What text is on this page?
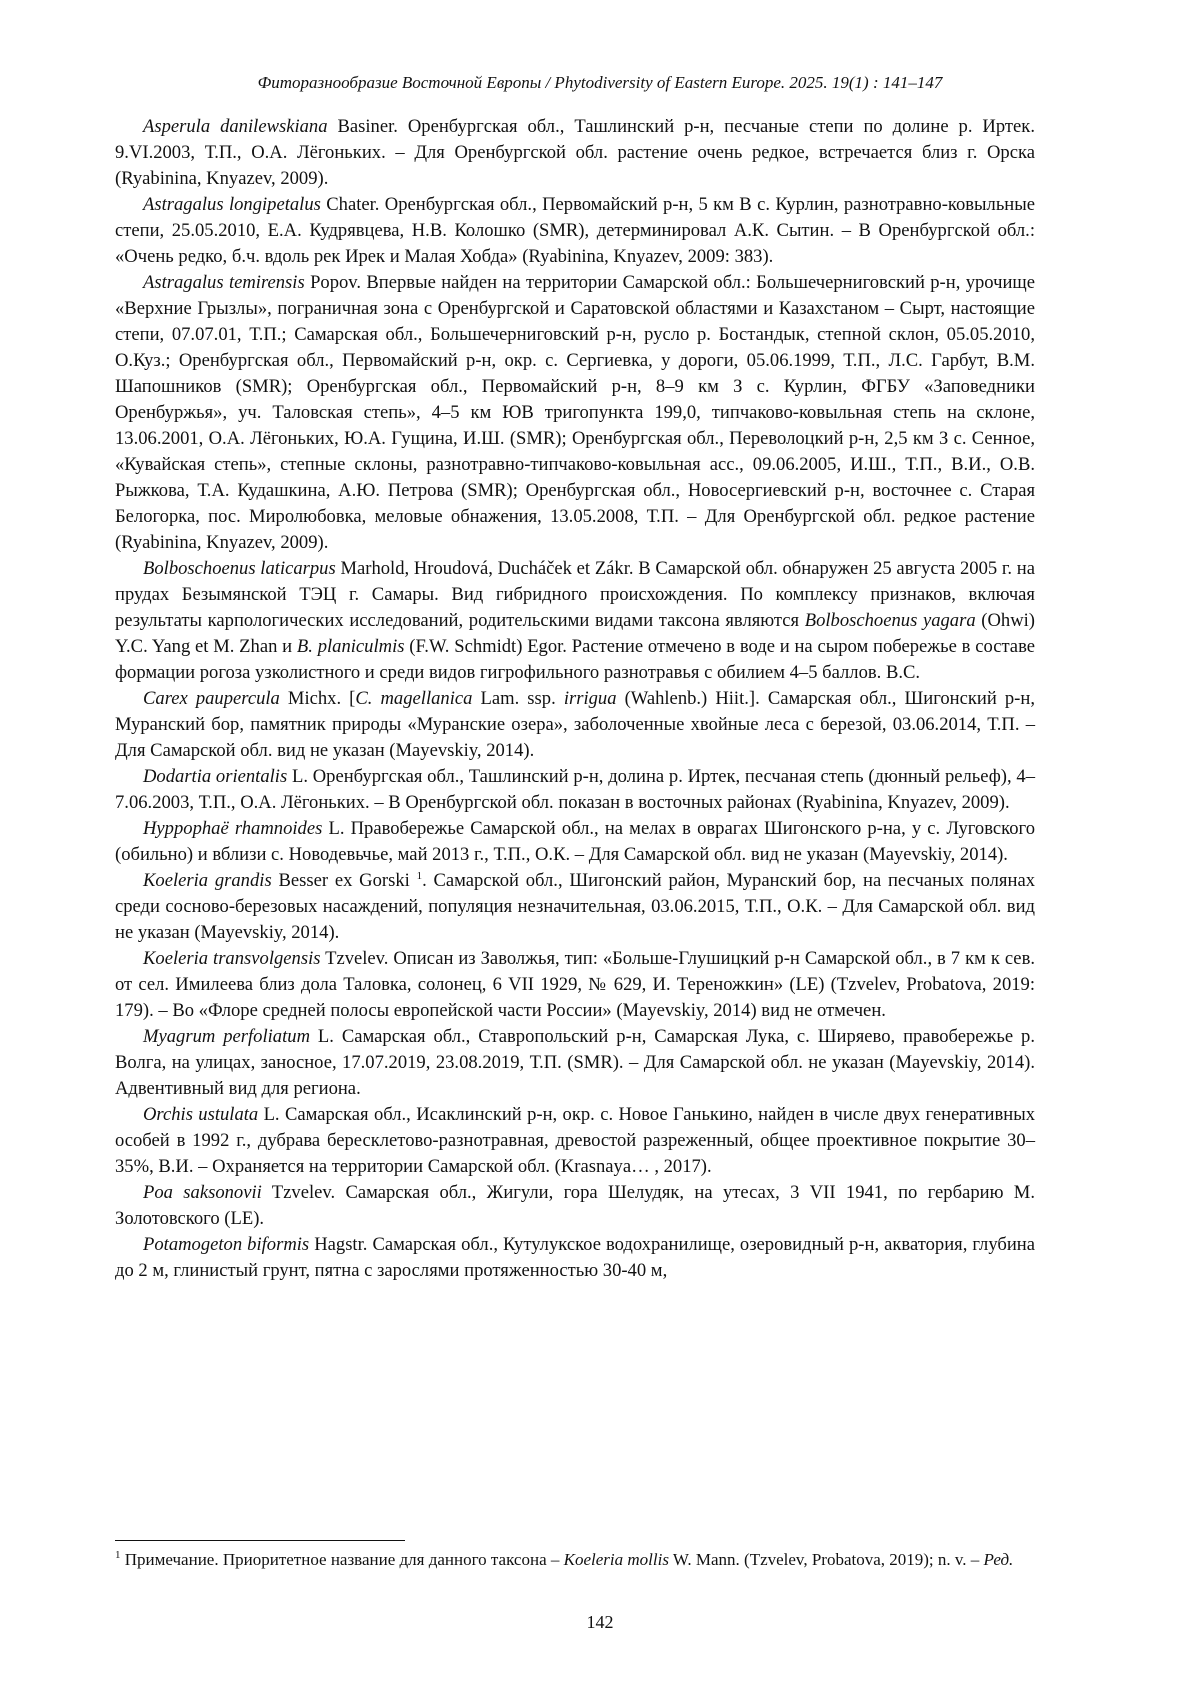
Фиторазнообразие Восточной Европы / Phytodiversity of Eastern Europe. 2025. 19(1) : 141–147

Asperula danilewskiana Basiner. Оренбургская обл., Ташлинский р-н, песчаные степи по долине р. Иртек. 9.VI.2003, Т.П., О.А. Лёгоньких. – Для Оренбургской обл. растение очень редкое, встречается близ г. Орска (Ryabinina, Knyazev, 2009).

Astragalus longipetalus Chater. Оренбургская обл., Первомайский р-н, 5 км В с. Курлин, разнотравно-ковыльные степи, 25.05.2010, Е.А. Кудрявцева, Н.В. Колошко (SMR), детерминировал А.К. Сытин. – В Оренбургской обл.: «Очень редко, б.ч. вдоль рек Ирек и Малая Хобда» (Ryabinina, Knyazev, 2009: 383).

Astragalus temirensis Popov. Впервые найден на территории Самарской обл.: Большечерниговский р-н, урочище «Верхние Грызлы», пограничная зона с Оренбургской и Саратовской областями и Казахстаном – Сырт, настоящие степи, 07.07.01, Т.П.; Самарская обл., Большечерниговский р-н, русло р. Бостандык, степной склон, 05.05.2010, О.Куз.; Оренбургская обл., Первомайский р-н, окр. с. Сергиевка, у дороги, 05.06.1999, Т.П., Л.С. Гарбут, В.М. Шапошников (SMR); Оренбургская обл., Первомайский р-н, 8–9 км З с. Курлин, ФГБУ «Заповедники Оренбуржья», уч. Таловская степь», 4–5 км ЮВ тригопункта 199,0, типчаково-ковыльная степь на склоне, 13.06.2001, О.А. Лёгоньких, Ю.А. Гущина, И.Ш. (SMR); Оренбургская обл., Переволоцкий р-н, 2,5 км З с. Сенное, «Кувайская степь», степные склоны, разнотравно-типчаково-ковыльная асс., 09.06.2005, И.Ш., Т.П., В.И., О.В. Рыжкова, Т.А. Кудашкина, А.Ю. Петрова (SMR); Оренбургская обл., Новосергиевский р-н, восточнее с. Старая Белогорка, пос. Миролюбовка, меловые обнажения, 13.05.2008, Т.П. – Для Оренбургской обл. редкое растение (Ryabinina, Knyazev, 2009).

Bolboschoenus laticarpus Marhold, Hroudová, Ducháček et Zákr. В Самарской обл. обнаружен 25 августа 2005 г. на прудах Безымянской ТЭЦ г. Самары. Вид гибридного происхождения. По комплексу признаков, включая результаты карпологических исследований, родительскими видами таксона являются Bolboschoenus yagara (Ohwi) Y.C. Yang et M. Zhan и B. planiculmis (F.W. Schmidt) Egor. Растение отмечено в воде и на сыром побережье в составе формации рогоза узколистного и среди видов гигрофильного разнотравья с обилием 4–5 баллов. В.С.

Carex paupercula Michx. [C. magellanica Lam. ssp. irrigua (Wahlenb.) Hiit.]. Самарская обл., Шигонский р-н, Муранский бор, памятник природы «Муранские озера», заболоченные хвойные леса с березой, 03.06.2014, Т.П. – Для Самарской обл. вид не указан (Mayevskiy, 2014).

Dodartia orientalis L. Оренбургская обл., Ташлинский р-н, долина р. Иртек, песчаная степь (дюнный рельеф), 4–7.06.2003, Т.П., О.А. Лёгоньких. – В Оренбургской обл. показан в восточных районах (Ryabinina, Knyazev, 2009).

Hyppophaё rhamnoides L. Правобережье Самарской обл., на мелах в оврагах Шигонского р-на, у с. Луговского (обильно) и вблизи с. Новодевьчье, май 2013 г., Т.П., О.К. – Для Самарской обл. вид не указан (Mayevskiy, 2014).

Koeleria grandis Besser ex Gorski 1. Самарской обл., Шигонский район, Муранский бор, на песчаных полянах среди сосново-березовых насаждений, популяция незначительная, 03.06.2015, Т.П., О.К. – Для Самарской обл. вид не указан (Mayevskiy, 2014).

Koeleria transvolgensis Tzvelev. Описан из Заволжья, тип: «Больше-Глушицкий р-н Самарской обл., в 7 км к сев. от сел. Имилеева близ дола Таловка, солонец, 6 VII 1929, № 629, И. Тереножкин» (LE) (Tzvelev, Probatova, 2019: 179). – Во «Флоре средней полосы европейской части России» (Mayevskiy, 2014) вид не отмечен.

Myagrum perfoliatum L. Самарская обл., Ставропольский р-н, Самарская Лука, с. Ширяево, правобережье р. Волга, на улицах, заносное, 17.07.2019, 23.08.2019, Т.П. (SMR). – Для Самарской обл. не указан (Mayevskiy, 2014). Адвентивный вид для региона.

Orchis ustulata L. Самарская обл., Исаклинский р-н, окр. с. Новое Ганькино, найден в числе двух генеративных особей в 1992 г., дубрава бересклетово-разнотравная, древостой разреженный, общее проективное покрытие 30–35%, В.И. – Охраняется на территории Самарской обл. (Krasnaya… , 2017).

Poa saksonovii Tzvelev. Самарская обл., Жигули, гора Шелудяк, на утесах, 3 VII 1941, по гербарию М. Золотовского (LE).

Potamogeton biformis Hagstr. Самарская обл., Кутулукское водохранилище, озеровидный р-н, акватория, глубина до 2 м, глинистый грунт, пятна с зарослями протяженностью 30-40 м,

1 Примечание. Приоритетное название для данного таксона – Koeleria mollis W. Mann. (Tzvelev, Probatova, 2019); n. v. – Ред.

142
